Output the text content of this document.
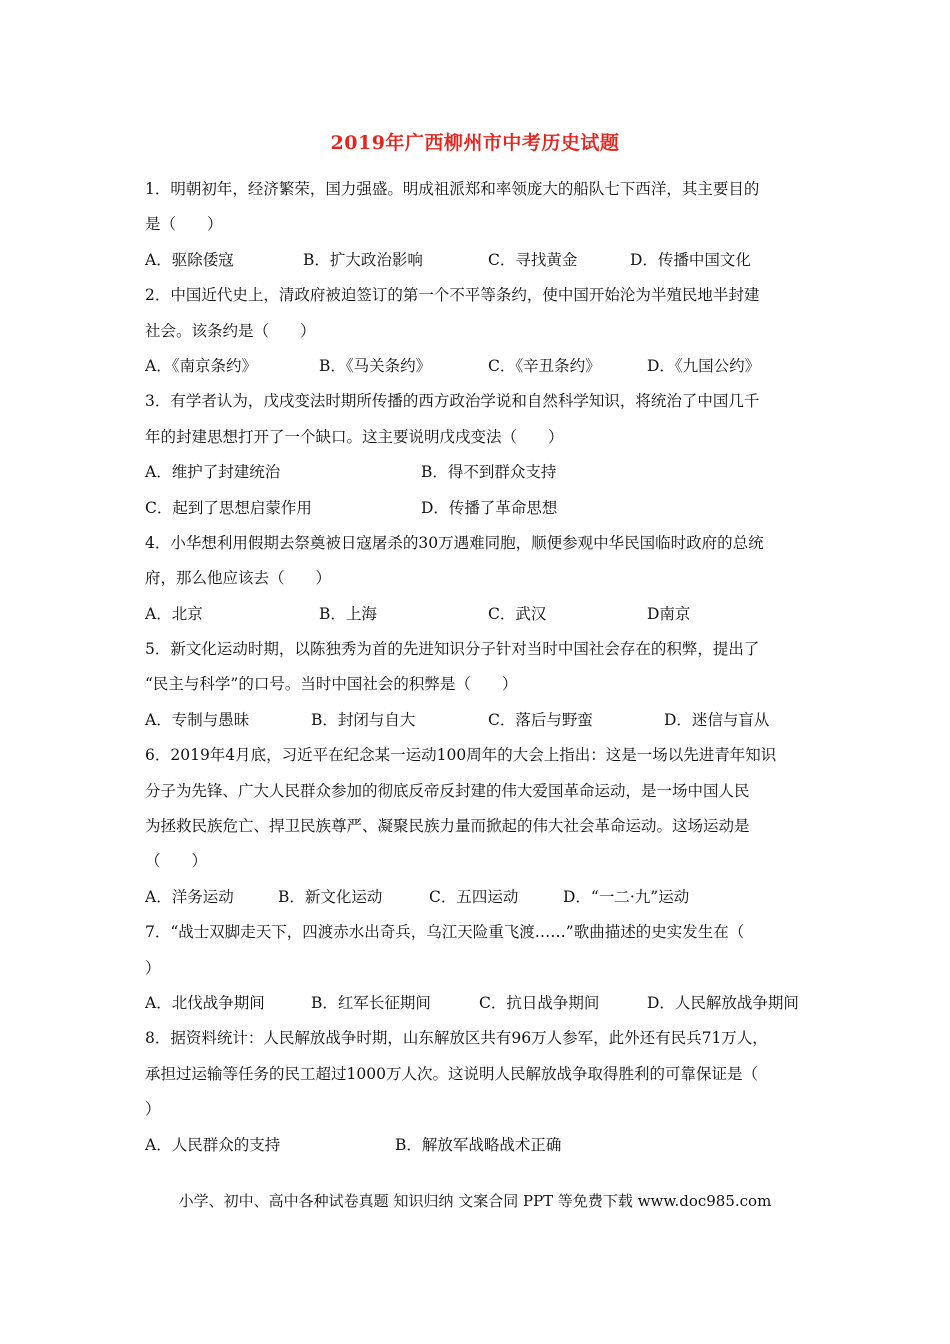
2019年广西柳州市中考历史试题
1．明朝初年，经济繁荣，国力强盛。明成祖派郑和率领庞大的船队七下西洋，其主要目的
是（　　）
A．驱除倭寇	B．扩大政治影响	C．寻找黄金	D．传播中国文化
2．中国近代史上，清政府被迫签订的第一个不平等条约，使中国开始沦为半殖民地半封建
社会。该条约是（　　）
A．《南京条约》	B．《马关条约》	C．《辛丑条约》	D．《九国公约》
3．有学者认为，戊戌变法时期所传播的西方政治学说和自然科学知识，将统治了中国几千
年的封建思想打开了一个缺口。这主要说明戊戌变法（　　）
A．维护了封建统治	B．得不到群众支持
C．起到了思想启蒙作用	D．传播了革命思想
4．小华想利用假期去祭奠被日寇屠杀的30万遇难同胞，顺便参观中华民国临时政府的总统
府，那么他应该去（　　）
A．北京	B．上海	C．武汉	D南京
5．新文化运动时期，以陈独秀为首的先进知识分子针对当时中国社会存在的积弊，提出了
“民主与科学”的口号。当时中国社会的积弊是（　　）
A．专制与愚昧	B．封闭与自大	C．落后与野蛮	D．迷信与盲从
6．2019年4月底，习近平在纪念某一运动100周年的大会上指出：这是一场以先进青年知识
分子为先锋、广大人民群众参加的彻底反帝反封建的伟大爱国革命运动，是一场中国人民
为拯救民族危亡、捍卫民族尊严、凝聚民族力量而掀起的伟大社会革命运动。这场运动是
（　　）
A．洋务运动	B．新文化运动	C．五四运动	D．“一二·九”运动
7．“战士双脚走天下，四渡赤水出奇兵，乌江天险重飞渡……”歌曲描述的史实发生在（
）
A．北伐战争期间	B．红军长征期间	C．抗日战争期间	D．人民解放战争期间
8．据资料统计：人民解放战争时期，山东解放区共有96万人参军，此外还有民兵71万人，
承担过运输等任务的民工超过1000万人次。这说明人民解放战争取得胜利的可靠保证是（
）
A．人民群众的支持	B．解放军战略战术正确
小学、初中、高中各种试卷真题 知识归纳 文案合同 PPT 等免费下载 www.doc985.com
